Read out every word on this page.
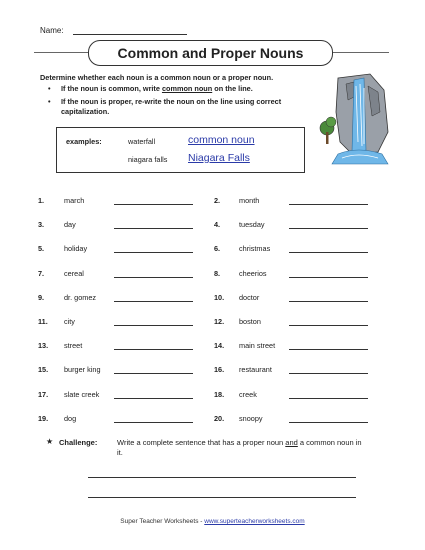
Name:
Common and Proper Nouns
Determine whether each noun is a common noun or a proper noun.
•	If the noun is common, write common noun on the line.
•	If the noun is proper, re-write the noun on the line using correct capitalization.
examples:	waterfall	common noun
niagara falls Niagara Falls
1.	march	2.	month
3.	day	4.	tuesday
5.	holiday	6.	christmas
7.	cereal	8.	cheerios
9.	dr. gomez	10. doctor
11. city	12. boston
13. street	14. main street
15. burger king	16. restaurant
17. slate creek	18. creek
19. dog	20. snoopy
★ Challenge:	Write a complete sentence that has a proper noun and a common noun in it.
Super Teacher Worksheets - www.superteacherworksheets.com
